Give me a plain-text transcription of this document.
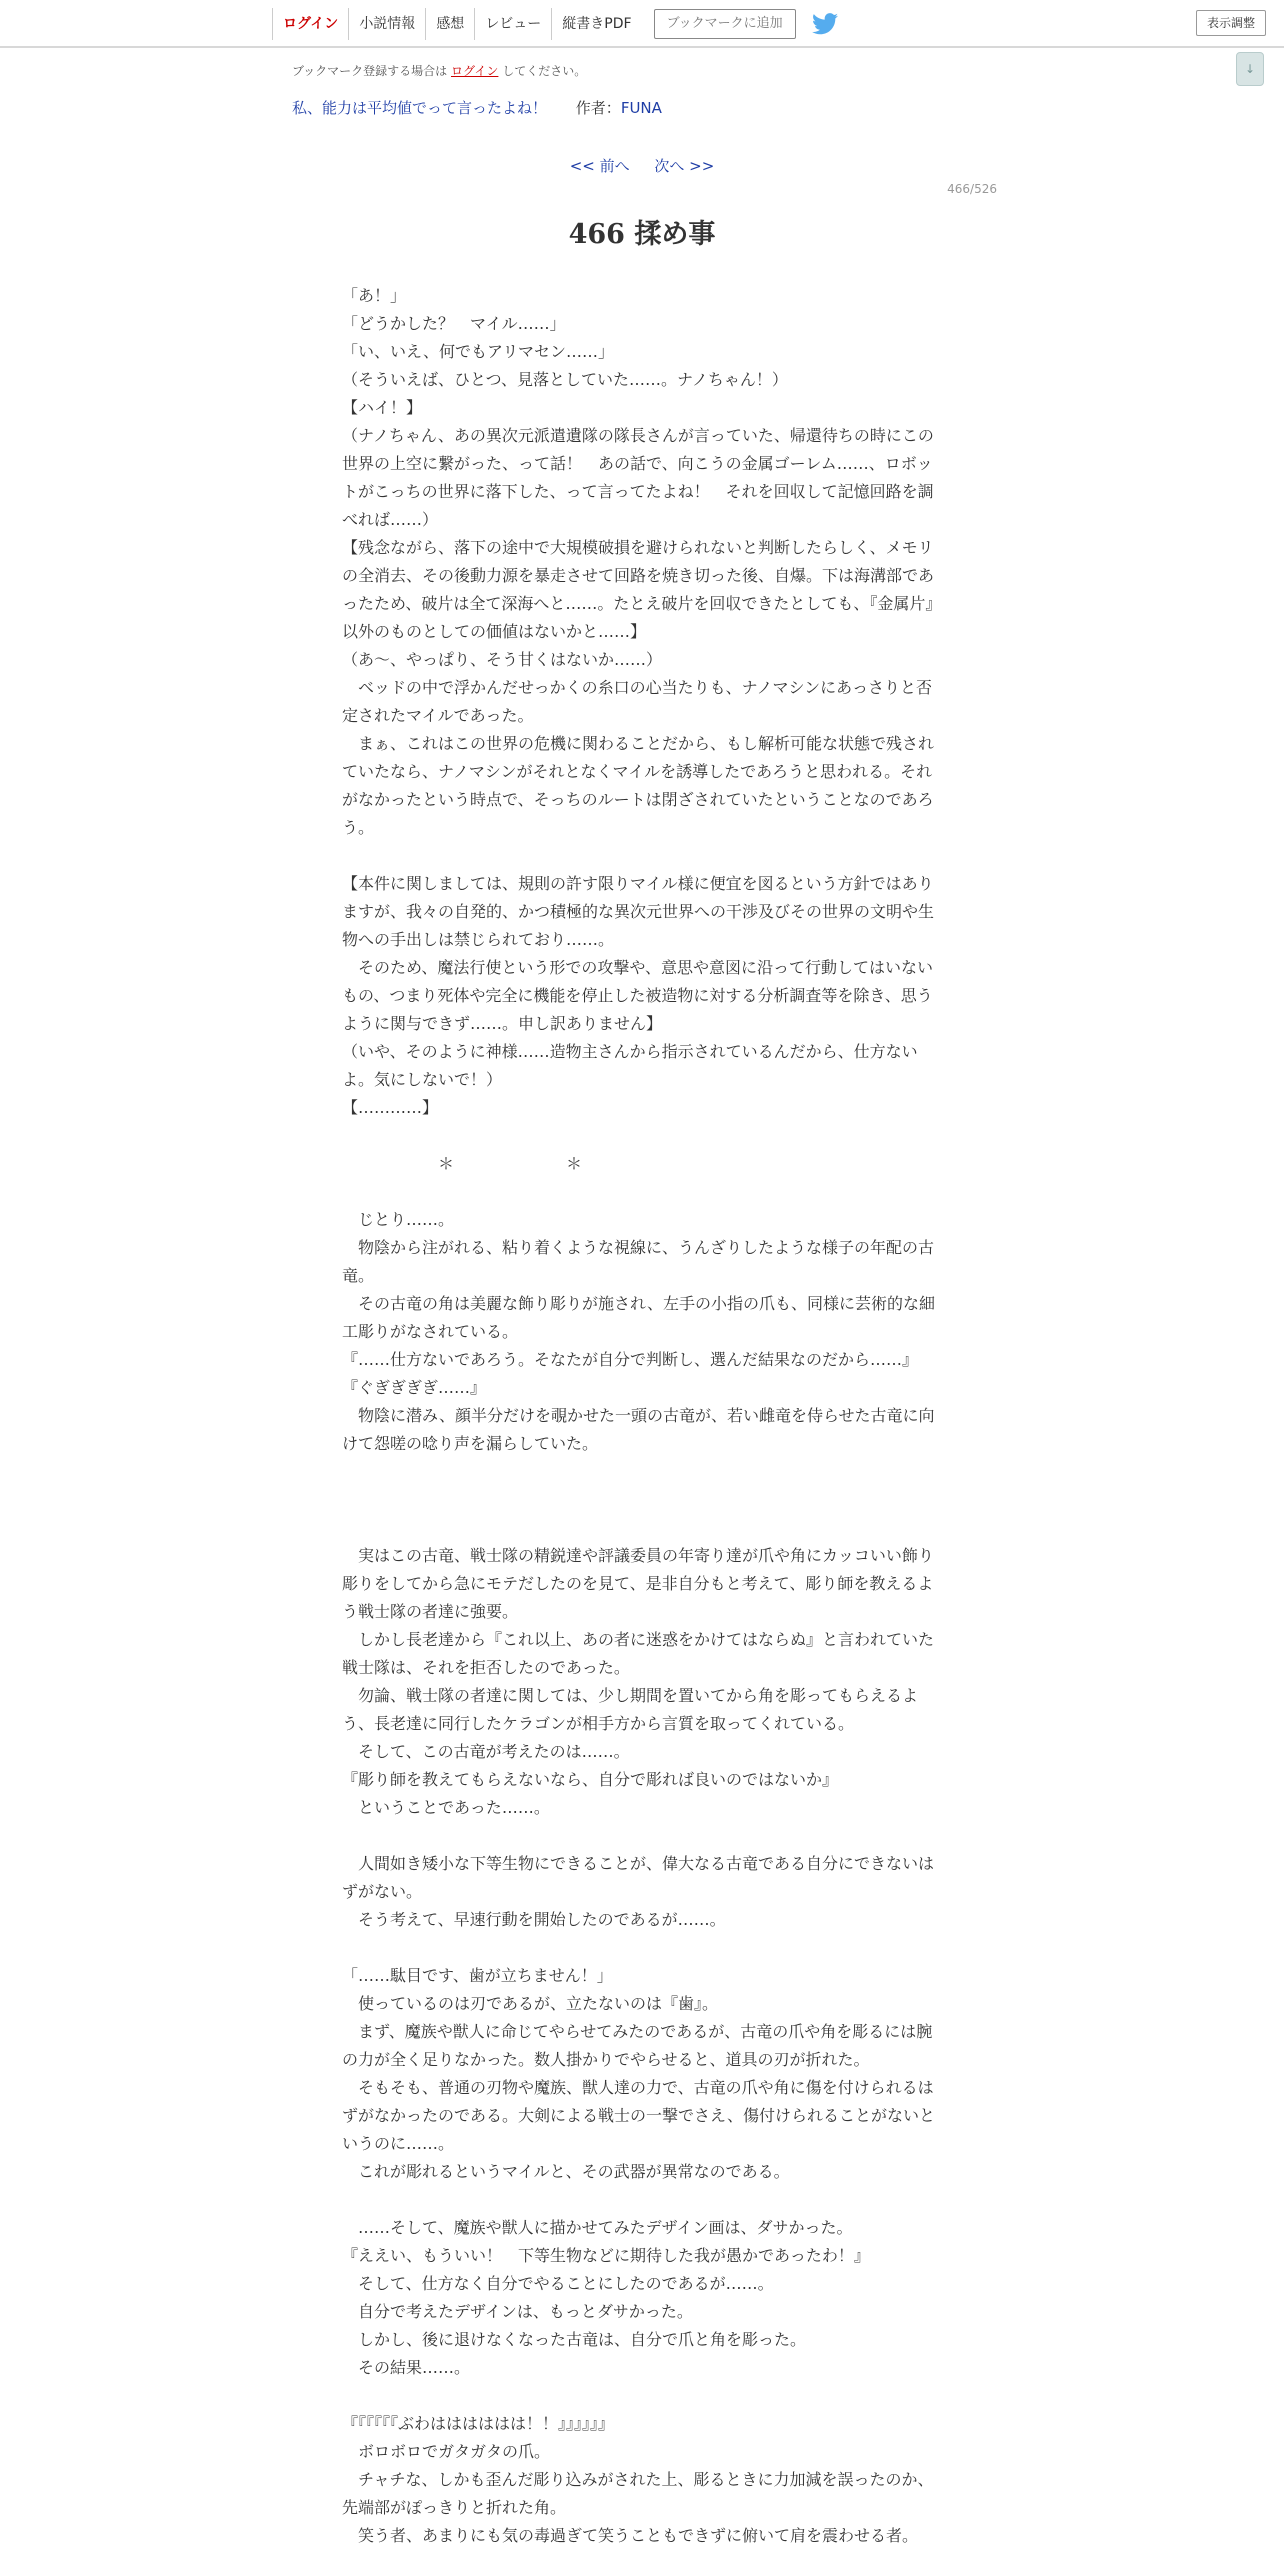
ログイン	小説情報	感想	レビュー	縦書きPDF	ブックマークに追加	表示調整
↓
ブックマーク登録する場合は ログイン してください。
私、能力は平均値でって言ったよね！ 作者：FUNA
<< 前へ 次へ >>
466/526
466 揉め事

「あ！」

「どうかした？　マイル……」

「い、いえ、何でもアリマセン……」

（そういえば、ひとつ、見落としていた……。ナノちゃん！）

【ハイ！】

（ナノちゃん、あの異次元派遣遺隊の隊長さんが言っていた、帰還待ちの時にこの世界の上空に繋がった、って話！　あの話で、向こうの金属ゴーレム……、ロボットがこっちの世界に落下した、って言ってたよね！　それを回収して記憶回路を調べれば……）

【残念ながら、落下の途中で大規模破損を避けられないと判断したらしく、メモリの全消去、その後動力源を暴走させて回路を焼き切った後、自爆。下は海溝部であったため、破片は全て深海へと……。たとえ破片を回収できたとしても、『金属片』以外のものとしての価値はないかと……】

（あ～、やっぱり、そう甘くはないか……）

　ベッドの中で浮かんだせっかくの糸口の心当たりも、ナノマシンにあっさりと否定されたマイルであった。

　まぁ、これはこの世界の危機に関わることだから、もし解析可能な状態で残されていたなら、ナノマシンがそれとなくマイルを誘導したであろうと思われる。それがなかったという時点で、そっちのルートは閉ざされていたということなのであろう。

【本件に関しましては、規則の許す限りマイル様に便宜を図るという方針ではありますが、我々の自発的、かつ積極的な異次元世界への干渉及びその世界の文明や生物への手出しは禁じられており……。

　そのため、魔法行使という形での攻撃や、意思や意図に沿って行動してはいないもの、つまり死体や完全に機能を停止した被造物に対する分析調査等を除き、思うように関与できず……。申し訳ありません】

（いや、そのように神様……造物主さんから指示されているんだから、仕方ないよ。気にしないで！）

【…………】

　　　　　　＊　　　　　　　＊

　じとり……。

　物陰から注がれる、粘り着くような視線に、うんざりしたような様子の年配の古竜。

　その古竜の角は美麗な飾り彫りが施され、左手の小指の爪も、同様に芸術的な細工彫りがなされている。

『……仕方ないであろう。そなたが自分で判断し、選んだ結果なのだから……』

『ぐぎぎぎぎ……』

　物陰に潜み、顔半分だけを覗かせた一頭の古竜が、若い雌竜を侍らせた古竜に向けて怨嗟の唸り声を漏らしていた。

　実はこの古竜、戦士隊の精鋭達や評議委員の年寄り達が爪や角にカッコいい飾り彫りをしてから急にモテだしたのを見て、是非自分もと考えて、彫り師を教えるよう戦士隊の者達に強要。

　しかし長老達から『これ以上、あの者に迷惑をかけてはならぬ』と言われていた戦士隊は、それを拒否したのであった。

　勿論、戦士隊の者達に関しては、少し期間を置いてから角を彫ってもらえるよう、長老達に同行したケラゴンが相手方から言質を取ってくれている。

　そして、この古竜が考えたのは……。

『彫り師を教えてもらえないなら、自分で彫れば良いのではないか』

　ということであった……。

　人間如き矮小な下等生物にできることが、偉大なる古竜である自分にできないはずがない。

　そう考えて、早速行動を開始したのであるが……。

「……駄目です、歯が立ちません！」

　使っているのは刃であるが、立たないのは『歯』。

　まず、魔族や獣人に命じてやらせてみたのであるが、古竜の爪や角を彫るには腕の力が全く足りなかった。数人掛かりでやらせると、道具の刃が折れた。

　そもそも、普通の刃物や魔族、獣人達の力で、古竜の爪や角に傷を付けられるはずがなかったのである。大剣による戦士の一撃でさえ、傷付けられることがないというのに……。

　これが彫れるというマイルと、その武器が異常なのである。

　……そして、魔族や獣人に描かせてみたデザイン画は、ダサかった。

『ええい、もういい！　下等生物などに期待した我が愚かであったわ！』

　そして、仕方なく自分でやることにしたのであるが……。

　自分で考えたデザインは、もっとダサかった。

　しかし、後に退けなくなった古竜は、自分で爪と角を彫った。

　その結果……。

『『『『『『ぶわはははははは！！』』』』』』

　ボロボロでガタガタの爪。

　チャチな、しかも歪んだ彫り込みがされた上、彫るときに力加減を誤ったのか、先端部がぽっきりと折れた角。

　笑う者、あまりにも気の毒過ぎて笑うこともできずに俯いて肩を震わせる者。
